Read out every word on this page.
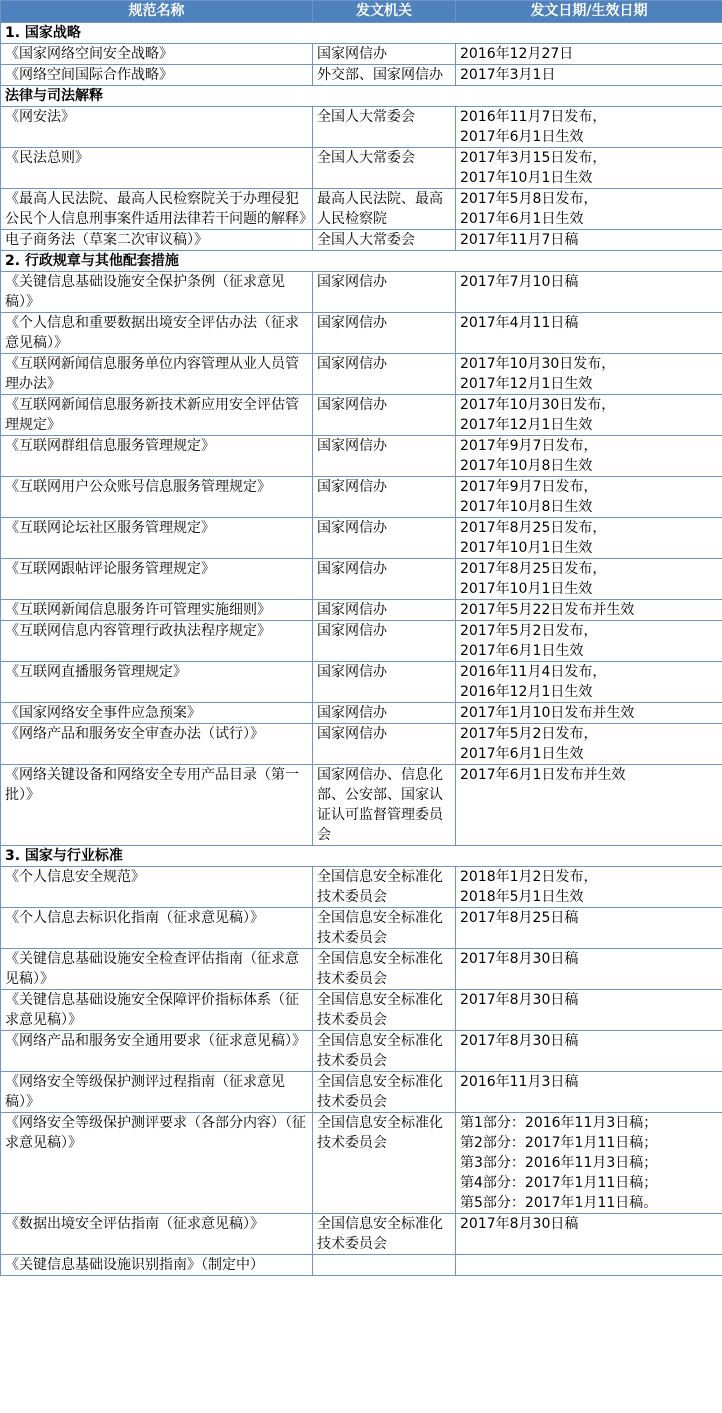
规范名称	发文机关	发文日期/生效日期
1. 国家战略		
《国家网络空间安全战略》	国家网信办	2016年12月27日

《网络空间国际合作战略》	外交部、国家网信办	2017年3月1日

法律与司法解释		
《网安法》	全国人大常委会	2016年11月7日发布，
2017年6月1日生效

《民法总则》	全国人大常委会	2017年3月15日发布，
2017年10月1日生效

《最高人民法院、最高人民检察院关于办理侵犯公民个人信息刑事案件适用法律若干问题的解释》	最高人民法院、最高人民检察院	2017年5月8日发布，
2017年6月1日生效

电子商务法（草案二次审议稿）》	全国人大常委会	2017年11月7日稿

2. 行政规章与其他配套措施		
《关键信息基础设施安全保护条例（征求意见稿）》	国家网信办	2017年7月10日稿

《个人信息和重要数据出境安全评估办法（征求意见稿）》	国家网信办	2017年4月11日稿

《互联网新闻信息服务单位内容管理从业人员管理办法》	国家网信办	2017年10月30日发布，
2017年12月1日生效

《互联网新闻信息服务新技术新应用安全评估管理规定》	国家网信办	2017年10月30日发布，
2017年12月1日生效

《互联网群组信息服务管理规定》	国家网信办	2017年9月7日发布，
2017年10月8日生效

《互联网用户公众账号信息服务管理规定》	国家网信办	2017年9月7日发布，
2017年10月8日生效

《互联网论坛社区服务管理规定》	国家网信办	2017年8月25日发布，
2017年10月1日生效

《互联网跟帖评论服务管理规定》	国家网信办	2017年8月25日发布，
2017年10月1日生效

《互联网新闻信息服务许可管理实施细则》	国家网信办	2017年5月22日发布并生效

《互联网信息内容管理行政执法程序规定》	国家网信办	2017年5月2日发布，
2017年6月1日生效

《互联网直播服务管理规定》	国家网信办	2016年11月4日发布，
2016年12月1日生效

《国家网络安全事件应急预案》	国家网信办	2017年1月10日发布并生效

《网络产品和服务安全审查办法（试行）》	国家网信办	2017年5月2日发布，
2017年6月1日生效

《网络关键设备和网络安全专用产品目录（第一批）》	国家网信办、信息化部、公安部、国家认证认可监督管理委员会	2017年6月1日发布并生效

3. 国家与行业标准		
《个人信息安全规范》	全国信息安全标准化技术委员会	2018年1月2日发布，
2018年5月1日生效

《个人信息去标识化指南（征求意见稿）》	全国信息安全标准化技术委员会	2017年8月25日稿

《关键信息基础设施安全检查评估指南（征求意见稿）》	全国信息安全标准化技术委员会	2017年8月30日稿

《关键信息基础设施安全保障评价指标体系（征求意见稿）》	全国信息安全标准化技术委员会	2017年8月30日稿

《网络产品和服务安全通用要求（征求意见稿）》	全国信息安全标准化技术委员会	2017年8月30日稿

《网络安全等级保护测评过程指南（征求意见稿）》	全国信息安全标准化技术委员会	2016年11月3日稿

《网络安全等级保护测评要求（各部分内容）（征求意见稿）》	全国信息安全标准化技术委员会	第1部分：2016年11月3日稿；
第2部分：2017年1月11日稿；
第3部分：2016年11月3日稿；
第4部分：2017年1月11日稿；
第5部分：2017年1月11日稿。

《数据出境安全评估指南（征求意见稿）》	全国信息安全标准化技术委员会	2017年8月30日稿

《关键信息基础设施识别指南》（制定中）		
